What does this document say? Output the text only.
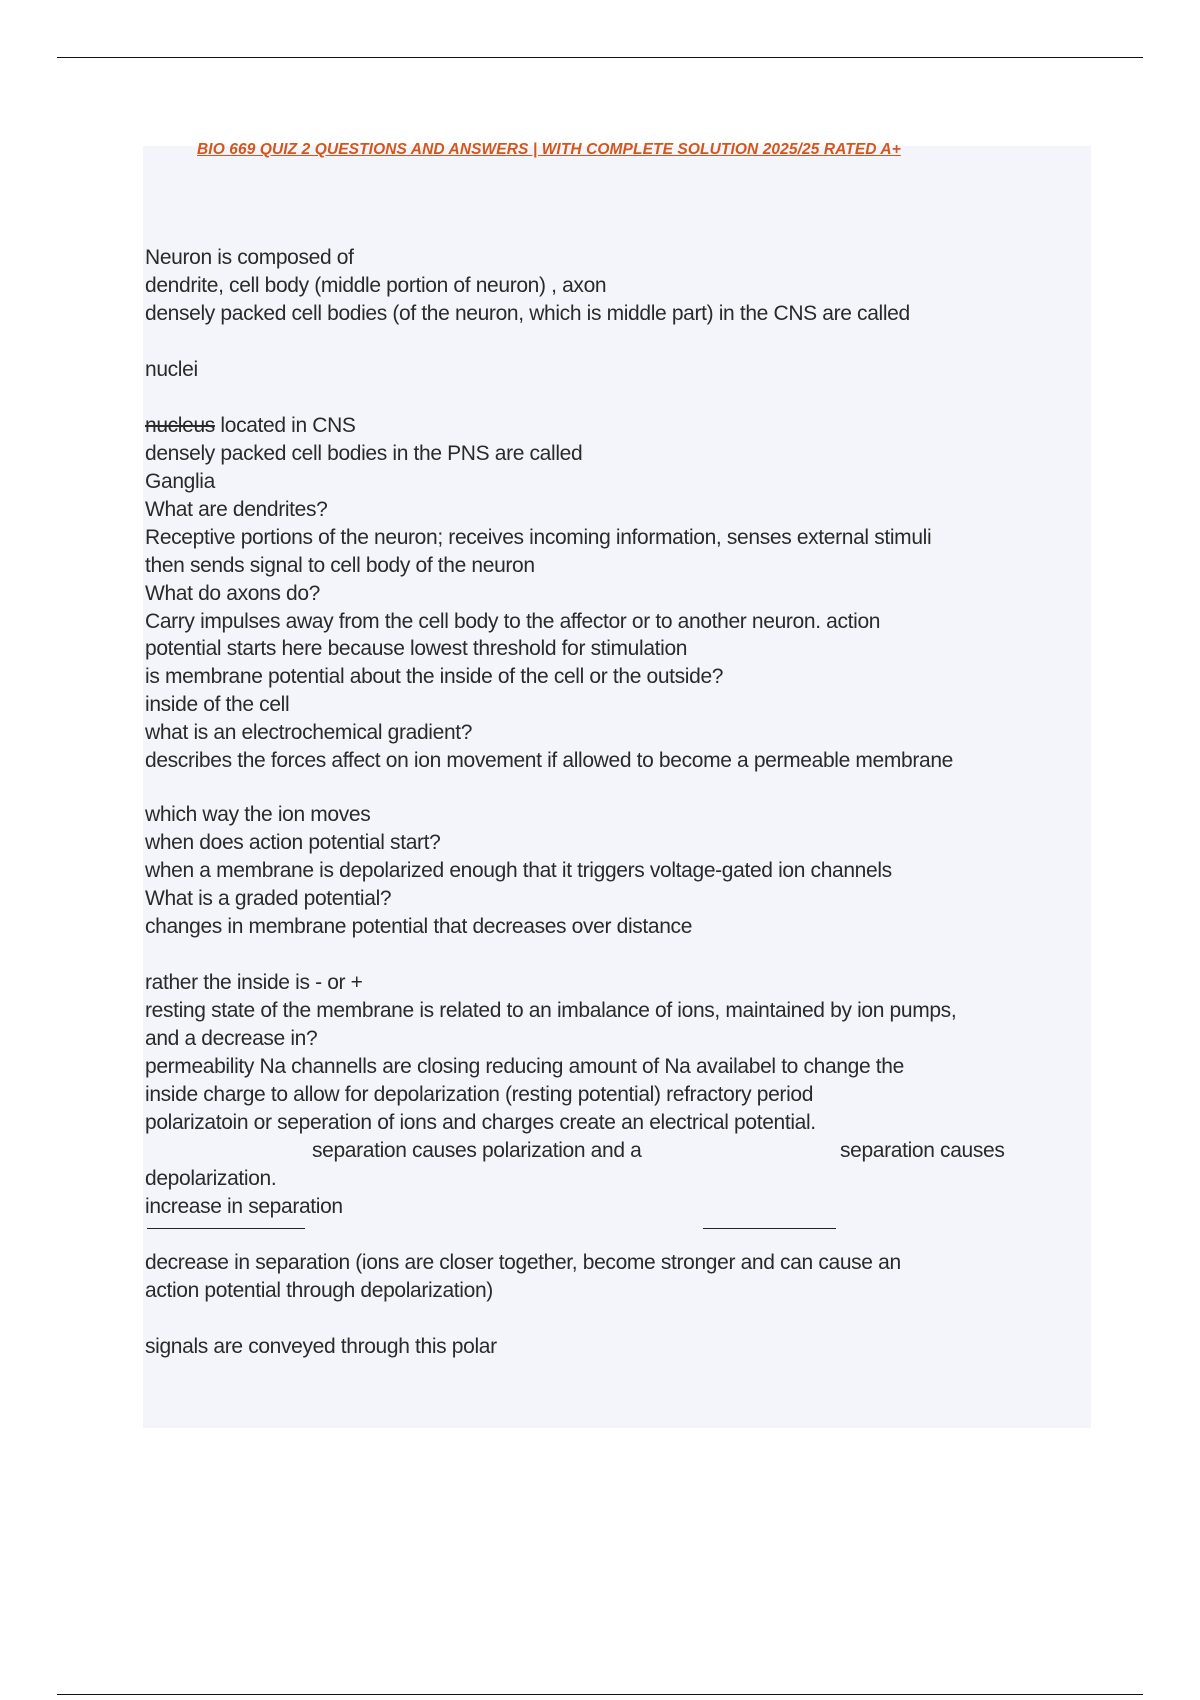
BIO 669 QUIZ 2 QUESTIONS AND ANSWERS | WITH COMPLETE SOLUTION 2025/25 RATED A+
Neuron is composed of
dendrite, cell body (middle portion of neuron) , axon
densely packed cell bodies (of the neuron, which is middle part) in the CNS are called
nuclei
nucleus located in CNS
densely packed cell bodies in the PNS are called
Ganglia
What are dendrites?
Receptive portions of the neuron; receives incoming information, senses external stimuli
then sends signal to cell body of the neuron
What do axons do?
Carry impulses away from the cell body to the affector or to another neuron. action
potential starts here because lowest threshold for stimulation
is membrane potential about the inside of the cell or the outside?
inside of the cell
what is an electrochemical gradient?
describes the forces affect on ion movement if allowed to become a permeable membrane
which way the ion moves
when does action potential start?
when a membrane is depolarized enough that it triggers voltage-gated ion channels
What is a graded potential?
changes in membrane potential that decreases over distance
rather the inside is - or +
resting state of the membrane is related to an imbalance of ions, maintained by ion pumps,
and a decrease in?
permeability Na channells are closing reducing amount of Na availabel to change the
inside charge to allow for depolarization (resting potential) refractory period
polarizatoin or seperation of ions and charges create an electrical potential.
separation causes polarization and a	separation causes
depolarization.
increase in separation
decrease in separation (ions are closer together, become stronger and can cause an
action potential through depolarization)
signals are conveyed through this polar
